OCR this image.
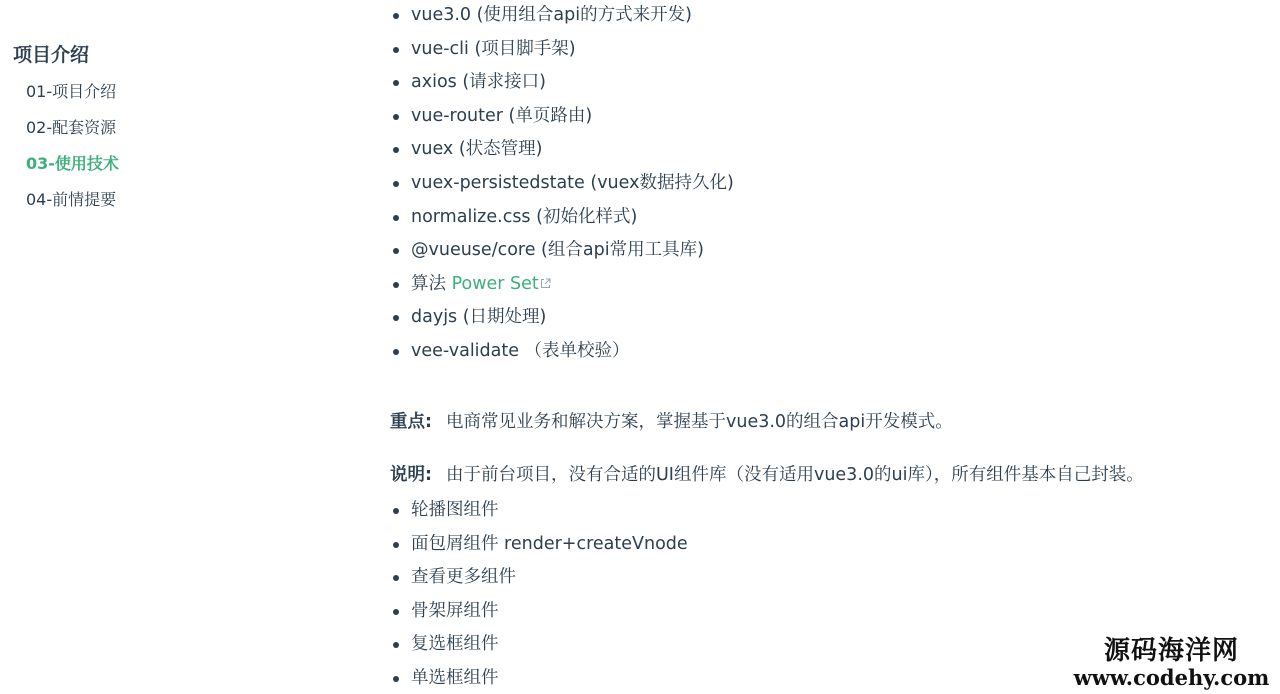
项目介绍
01-项目介绍
02-配套资源
03-使用技术
04-前情提要
vue3.0 (使用组合api的方式来开发)
vue-cli (项目脚手架)
axios (请求接口)
vue-router (单页路由)
vuex (状态管理)
vuex-persistedstate (vuex数据持久化)
normalize.css (初始化样式)
@vueuse/core (组合api常用工具库)
算法 Power Set
dayjs (日期处理)
vee-validate （表单校验）

重点: 电商常见业务和解决方案，掌握基于vue3.0的组合api开发模式。

说明: 由于前台项目，没有合适的UI组件库（没有适用vue3.0的ui库），所有组件基本自己封装。

轮播图组件
面包屑组件 render+createVnode
查看更多组件
骨架屏组件
复选框组件
单选框组件
源码海洋网
www.codehy.com
